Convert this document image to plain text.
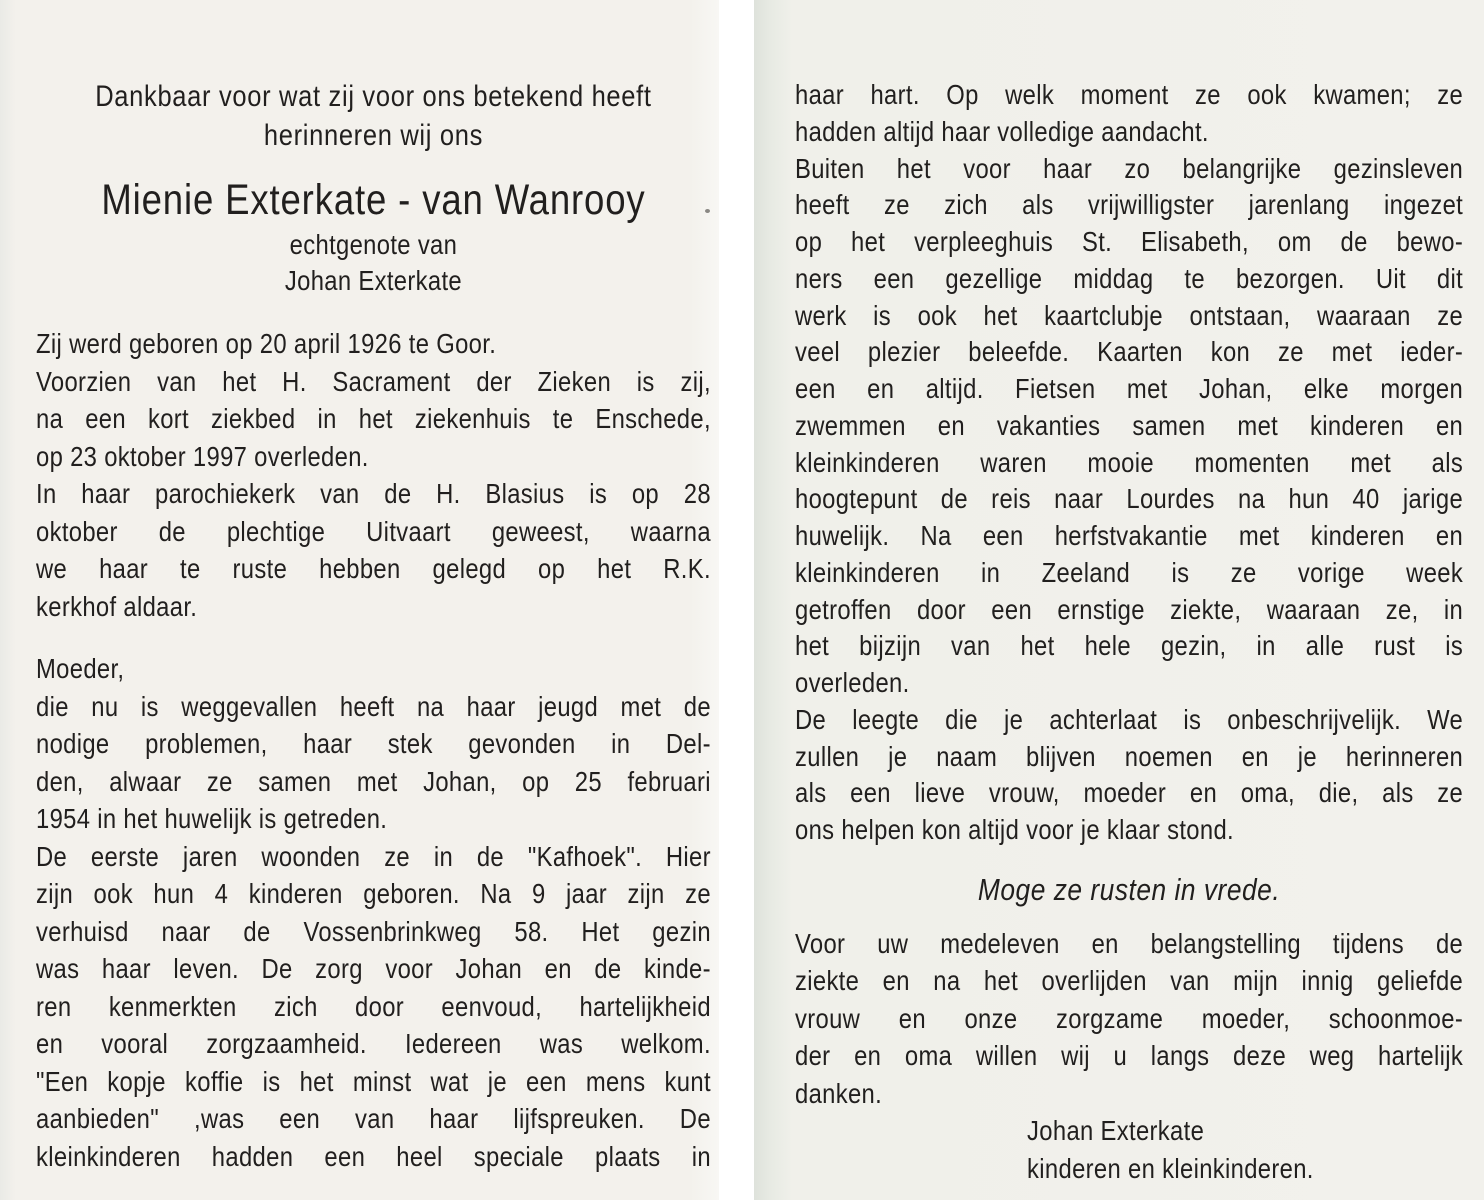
Dankbaar voor wat zij voor ons betekend heeft
herinneren wij ons
Mienie Exterkate - van Wanrooy
echtgenote van
Johan Exterkate
Zij werd geboren op 20 april 1926 te Goor.
Voorzien van het H. Sacrament der Zieken is zij,
na een kort ziekbed in het ziekenhuis te Enschede,
op 23 oktober 1997 overleden.
In haar parochiekerk van de H. Blasius is op 28
oktober de plechtige Uitvaart geweest, waarna
we haar te ruste hebben gelegd op het R.K.
kerkhof aldaar.
Moeder,
die nu is weggevallen heeft na haar jeugd met de
nodige problemen, haar stek gevonden in Del-
den, alwaar ze samen met Johan, op 25 februari
1954 in het huwelijk is getreden.
De eerste jaren woonden ze in de "Kafhoek". Hier
zijn ook hun 4 kinderen geboren. Na 9 jaar zijn ze
verhuisd naar de Vossenbrinkweg 58. Het gezin
was haar leven. De zorg voor Johan en de kinde-
ren kenmerkten zich door eenvoud, hartelijkheid
en vooral zorgzaamheid. Iedereen was welkom.
"Een kopje koffie is het minst wat je een mens kunt
aanbieden" ,was een van haar lijfspreuken. De
kleinkinderen hadden een heel speciale plaats in
haar hart. Op welk moment ze ook kwamen; ze
hadden altijd haar volledige aandacht.
Buiten het voor haar zo belangrijke gezinsleven
heeft ze zich als vrijwilligster jarenlang ingezet
op het verpleeghuis St. Elisabeth, om de bewo-
ners een gezellige middag te bezorgen. Uit dit
werk is ook het kaartclubje ontstaan, waaraan ze
veel plezier beleefde. Kaarten kon ze met ieder-
een en altijd. Fietsen met Johan, elke morgen
zwemmen en vakanties samen met kinderen en
kleinkinderen waren mooie momenten met als
hoogtepunt de reis naar Lourdes na hun 40 jarige
huwelijk. Na een herfstvakantie met kinderen en
kleinkinderen in Zeeland is ze vorige week
getroffen door een ernstige ziekte, waaraan ze, in
het bijzijn van het hele gezin, in alle rust is
overleden.
De leegte die je achterlaat is onbeschrijvelijk. We
zullen je naam blijven noemen en je herinneren
als een lieve vrouw, moeder en oma, die, als ze
ons helpen kon altijd voor je klaar stond.
Moge ze rusten in vrede.
Voor uw medeleven en belangstelling tijdens de
ziekte en na het overlijden van mijn innig geliefde
vrouw en onze zorgzame moeder, schoonmoe-
der en oma willen wij u langs deze weg hartelijk
danken.
Johan Exterkate
kinderen en kleinkinderen.
